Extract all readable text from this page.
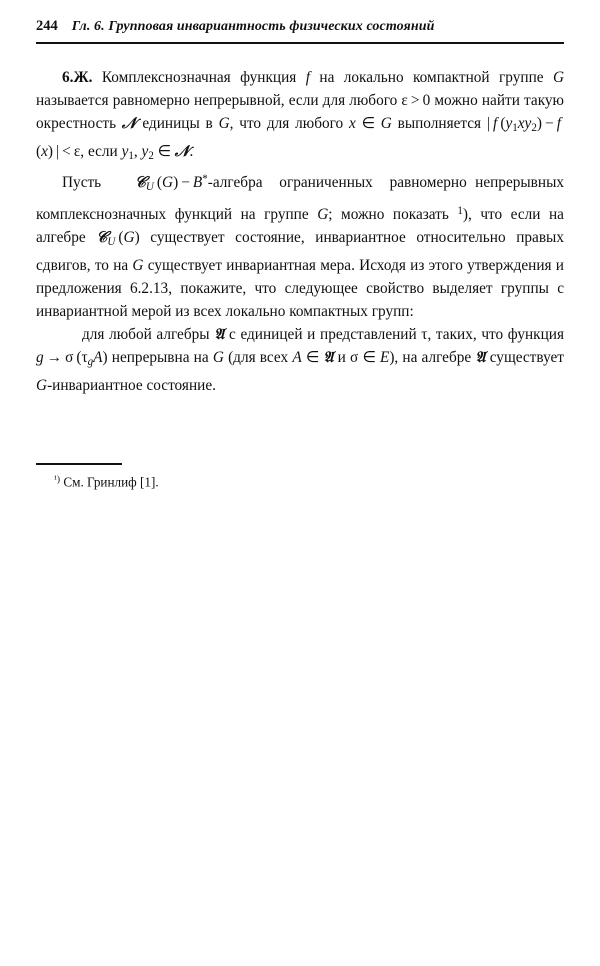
244 Гл. 6. Групповая инвариантность физических состояний

6.Ж. Комплекснозначная функция f на локально компактной группе G называется равномерно непрерывной, если для любого ε > 0 можно найти такую окрестность 𝒩 единицы в G, что для любого x ∈ G выполняется | f $(y_1xy_2) - f$ (x) | < ε, если $y_1$, $y_2$ ∈ 𝒩.

Пусть    𝒞$_U$ (G) − B*-алгебра  ограниченных  равномерно непрерывных комплекснозначных функций на группе G; можно показать $^1$), что если на алгебре 𝒞$_U$ (G) существует состояние, инвариантное относительно правых сдвигов, то на G существует инвариантная мера. Исходя из этого утверждения и предложения 6.2.13, покажите, что следующее свойство выделяет группы с инвариантной мерой из всех локально компактных групп:

для любой алгебры 𝔄 с единицей и представлений τ, таких, что функция g → σ $(\tau_gA)$ непрерывна на G (для всех A ∈ 𝔄 и σ ∈ E), на алгебре 𝔄 существует G-инвариантное состояние.

$^{^1)}$ См. Гринлиф [1].
